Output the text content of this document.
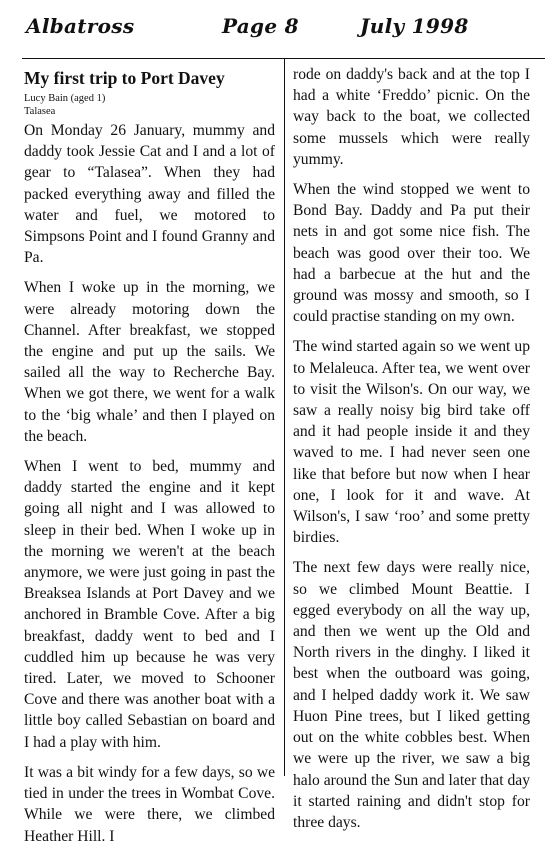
Albatross	Page 8	July 1998
My first trip to Port Davey
Lucy Bain (aged 1)
Talasea

On Monday 26 January, mummy and daddy took Jessie Cat and I and a lot of gear to “Talasea”. When they had packed everything away and filled the water and fuel, we motored to Simpsons Point and I found Granny and Pa.

When I woke up in the morning, we were already motoring down the Channel. After breakfast, we stopped the engine and put up the sails. We sailed all the way to Recherche Bay. When we got there, we went for a walk to the ‘big whale’ and then I played on the beach.

When I went to bed, mummy and daddy started the engine and it kept going all night and I was allowed to sleep in their bed. When I woke up in the morning we weren't at the beach anymore, we were just going in past the Breaksea Islands at Port Davey and we anchored in Bramble Cove. After a big breakfast, daddy went to bed and I cuddled him up because he was very tired. Later, we moved to Schooner Cove and there was another boat with a little boy called Sebastian on board and I had a play with him.

It was a bit windy for a few days, so we tied in under the trees in Wombat Cove. While we were there, we climbed Heather Hill. I

rode on daddy's back and at the top I had a white ‘Freddo’ picnic. On the way back to the boat, we collected some mussels which were really yummy.

When the wind stopped we went to Bond Bay. Daddy and Pa put their nets in and got some nice fish. The beach was good over their too. We had a barbecue at the hut and the ground was mossy and smooth, so I could practise standing on my own.

The wind started again so we went up to Melaleuca. After tea, we went over to visit the Wilson's. On our way, we saw a really noisy big bird take off and it had people inside it and they waved to me. I had never seen one like that before but now when I hear one, I look for it and wave. At Wilson's, I saw ‘roo’ and some pretty birdies.

The next few days were really nice, so we climbed Mount Beattie. I egged everybody on all the way up, and then we went up the Old and North rivers in the dinghy. I liked it best when the outboard was going, and I helped daddy work it. We saw Huon Pine trees, but I liked getting out on the white cobbles best. When we were up the river, we saw a big halo around the Sun and later that day it started raining and didn't stop for three days.
